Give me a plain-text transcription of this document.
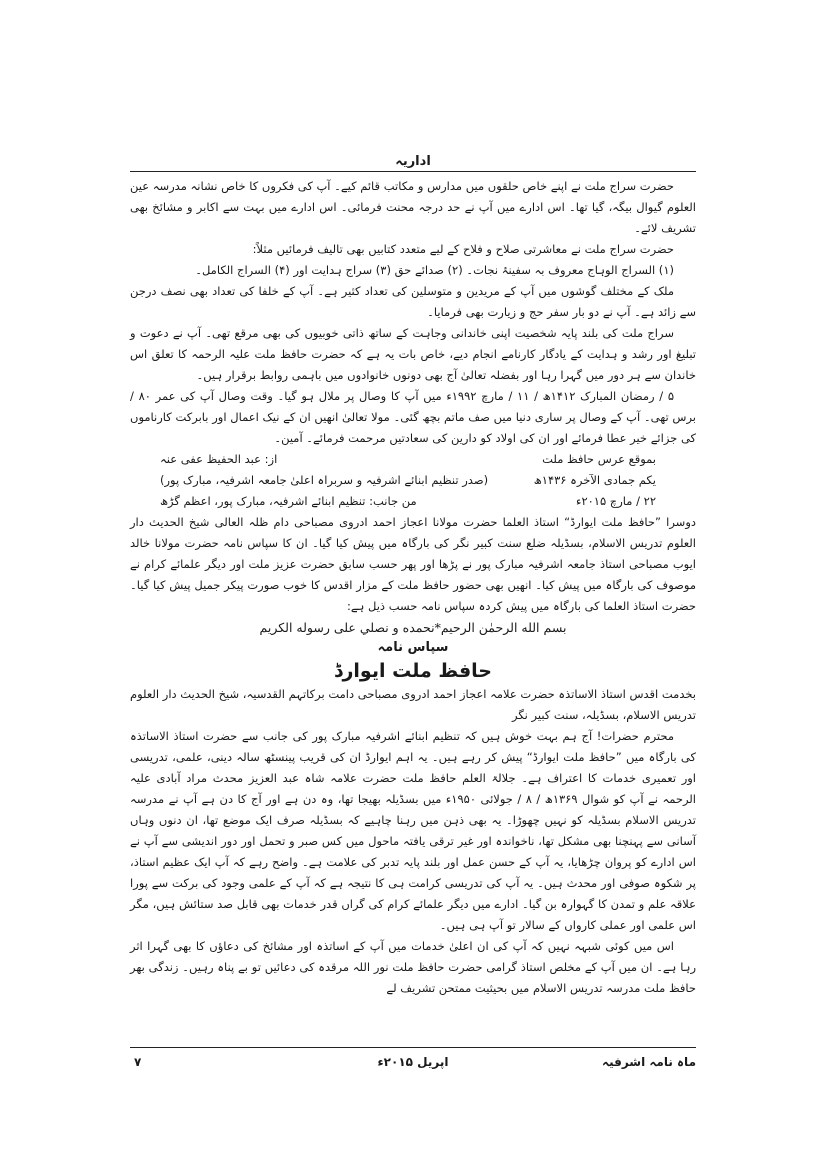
اداریہ

حضرت سراج ملت نے اپنے خاص حلقوں میں مدارس و مکاتب قائم کیے۔ آپ کی فکروں کا خاص نشانہ مدرسہ عین العلوم گیوال بیگہ، گیا تھا۔ اس ادارے میں آپ نے حد درجہ محنت فرمائی۔ اس ادارے میں بہت سے اکابر و مشائخ بھی تشریف لائے۔

حضرت سراج ملت نے معاشرتی صلاح و فلاح کے لیے متعدد کتابیں بھی تالیف فرمائیں مثلاً:

(۱) السراج الوہاج معروف بہ سفینۂ نجات۔ (۲) صدائے حق (۳) سراج ہدایت اور (۴) السراج الکامل۔

ملک کے مختلف گوشوں میں آپ کے مریدین و متوسلین کی تعداد کثیر ہے۔ آپ کے خلفا کی تعداد بھی نصف درجن سے زائد ہے۔ آپ نے دو بار سفر حج و زیارت بھی فرمایا۔

سراج ملت کی بلند پایہ شخصیت اپنی خاندانی وجاہت کے ساتھ ذاتی خوبیوں کی بھی مرقع تھی۔ آپ نے دعوت و تبلیغ اور رشد و ہدایت کے یادگار کارنامے انجام دیے، خاص بات یہ ہے کہ حضرت حافظ ملت علیہ الرحمہ کا تعلق اس خاندان سے ہر دور میں گہرا رہا اور بفضلہ تعالیٰ آج بھی دونوں خانوادوں میں باہمی روابط برقرار ہیں۔

۵ / رمضان المبارک ۱۴۱۲ھ / ۱۱ / مارچ ۱۹۹۲ء میں آپ کا وصال پر ملال ہو گیا۔ وقت وصال آپ کی عمر ۸۰ / برس تھی۔ آپ کے وصال پر ساری دنیا میں صف ماتم بچھ گئی۔ مولا تعالیٰ انھیں ان کے نیک اعمال اور بابرکت کارناموں کی جزائے خیر عطا فرمائے اور ان کی اولاد کو دارین کی سعادتیں مرحمت فرمائے۔ آمین۔

بموقع عرس حافظ ملت
از: عبد الحفیظ عفی عنہ
یکم جمادی الآخرہ ۱۴۳۶ھ
(صدر تنظیم ابنائے اشرفیہ و سربراہ اعلیٰ جامعہ اشرفیہ، مبارک پور)
۲۲ / مارچ ۲۰۱۵ء
من جانب: تنظیم ابنائے اشرفیہ، مبارک پور، اعظم گڑھ

دوسرا ”حافظ ملت ایوارڈ“ استاذ العلما حضرت مولانا اعجاز احمد ادروی مصباحی دام ظلہ العالی شیخ الحدیث دار العلوم تدریس الاسلام، بسڈیلہ ضلع سنت کبیر نگر کی بارگاہ میں پیش کیا گیا۔ ان کا سپاس نامہ حضرت مولانا خالد ایوب مصباحی استاذ جامعہ اشرفیہ مبارک پور نے پڑھا اور پھر حسب سابق حضرت عزیز ملت اور دیگر علمائے کرام نے موصوف کی بارگاہ میں پیش کیا۔ انھیں بھی حضور حافظ ملت کے مزار اقدس کا خوب صورت پیکر جمیل پیش کیا گیا۔ حضرت استاذ العلما کی بارگاہ میں پیش کردہ سپاس نامہ حسب ذیل ہے:

بسم الله الرحمٰن الرحيم*نحمده و نصلي على رسوله الكريم

سپاس نامہ
حافظ ملت ایوارڈ

بخدمت اقدس استاذ الاساتذہ حضرت علامہ اعجاز احمد ادروی مصباحی دامت برکاتہم القدسیہ، شیخ الحدیث دار العلوم تدریس الاسلام، بسڈیلہ، سنت کبیر نگر

محترم حضرات! آج ہم بہت خوش ہیں کہ تنظیم ابنائے اشرفیہ مبارک پور کی جانب سے حضرت استاذ الاساتذہ کی بارگاہ میں ”حافظ ملت ایوارڈ“ پیش کر رہے ہیں۔ یہ اہم ایوارڈ ان کی قریب پینسٹھ سالہ دینی، علمی، تدریسی اور تعمیری خدمات کا اعتراف ہے۔ جلالۃ العلم حافظ ملت حضرت علامہ شاہ عبد العزیز محدث مراد آبادی علیہ الرحمہ نے آپ کو شوال ۱۳۶۹ھ / ۸ / جولائی ۱۹۵۰ء میں بسڈیلہ بھیجا تھا، وہ دن ہے اور آج کا دن ہے آپ نے مدرسہ تدریس الاسلام بسڈیلہ کو نہیں چھوڑا۔ یہ بھی ذہن میں رہنا چاہیے کہ بسڈیلہ صرف ایک موضع تھا، ان دنوں وہاں آسانی سے پہنچنا بھی مشکل تھا، ناخواندہ اور غیر ترقی یافتہ ماحول میں کس صبر و تحمل اور دور اندیشی سے آپ نے اس ادارے کو پروان چڑھایا، یہ آپ کے حسن عمل اور بلند پایہ تدبر کی علامت ہے۔ واضح رہے کہ آپ ایک عظیم استاذ، پر شکوہ صوفی اور محدث ہیں۔ یہ آپ کی تدریسی کرامت ہی کا نتیجہ ہے کہ آپ کے علمی وجود کی برکت سے پورا علاقہ علم و تمدن کا گہوارہ بن گیا۔ ادارے میں دیگر علمائے کرام کی گراں قدر خدمات بھی قابل صد ستائش ہیں، مگر اس علمی اور عملی کارواں کے سالار تو آپ ہی ہیں۔

اس میں کوئی شبہہ نہیں کہ آپ کی ان اعلیٰ خدمات میں آپ کے اساتذہ اور مشائخ کی دعاؤں کا بھی گہرا اثر رہا ہے۔ ان میں آپ کے مخلص استاذ گرامی حضرت حافظ ملت نور اللہ مرقدہ کی دعائیں تو بے پناہ رہیں۔ زندگی بھر حافظ ملت مدرسہ تدریس الاسلام میں بحیثیت ممتحن تشریف لے

ماہ نامہ اشرفیہ
اپریل ۲۰۱۵ء
۷
